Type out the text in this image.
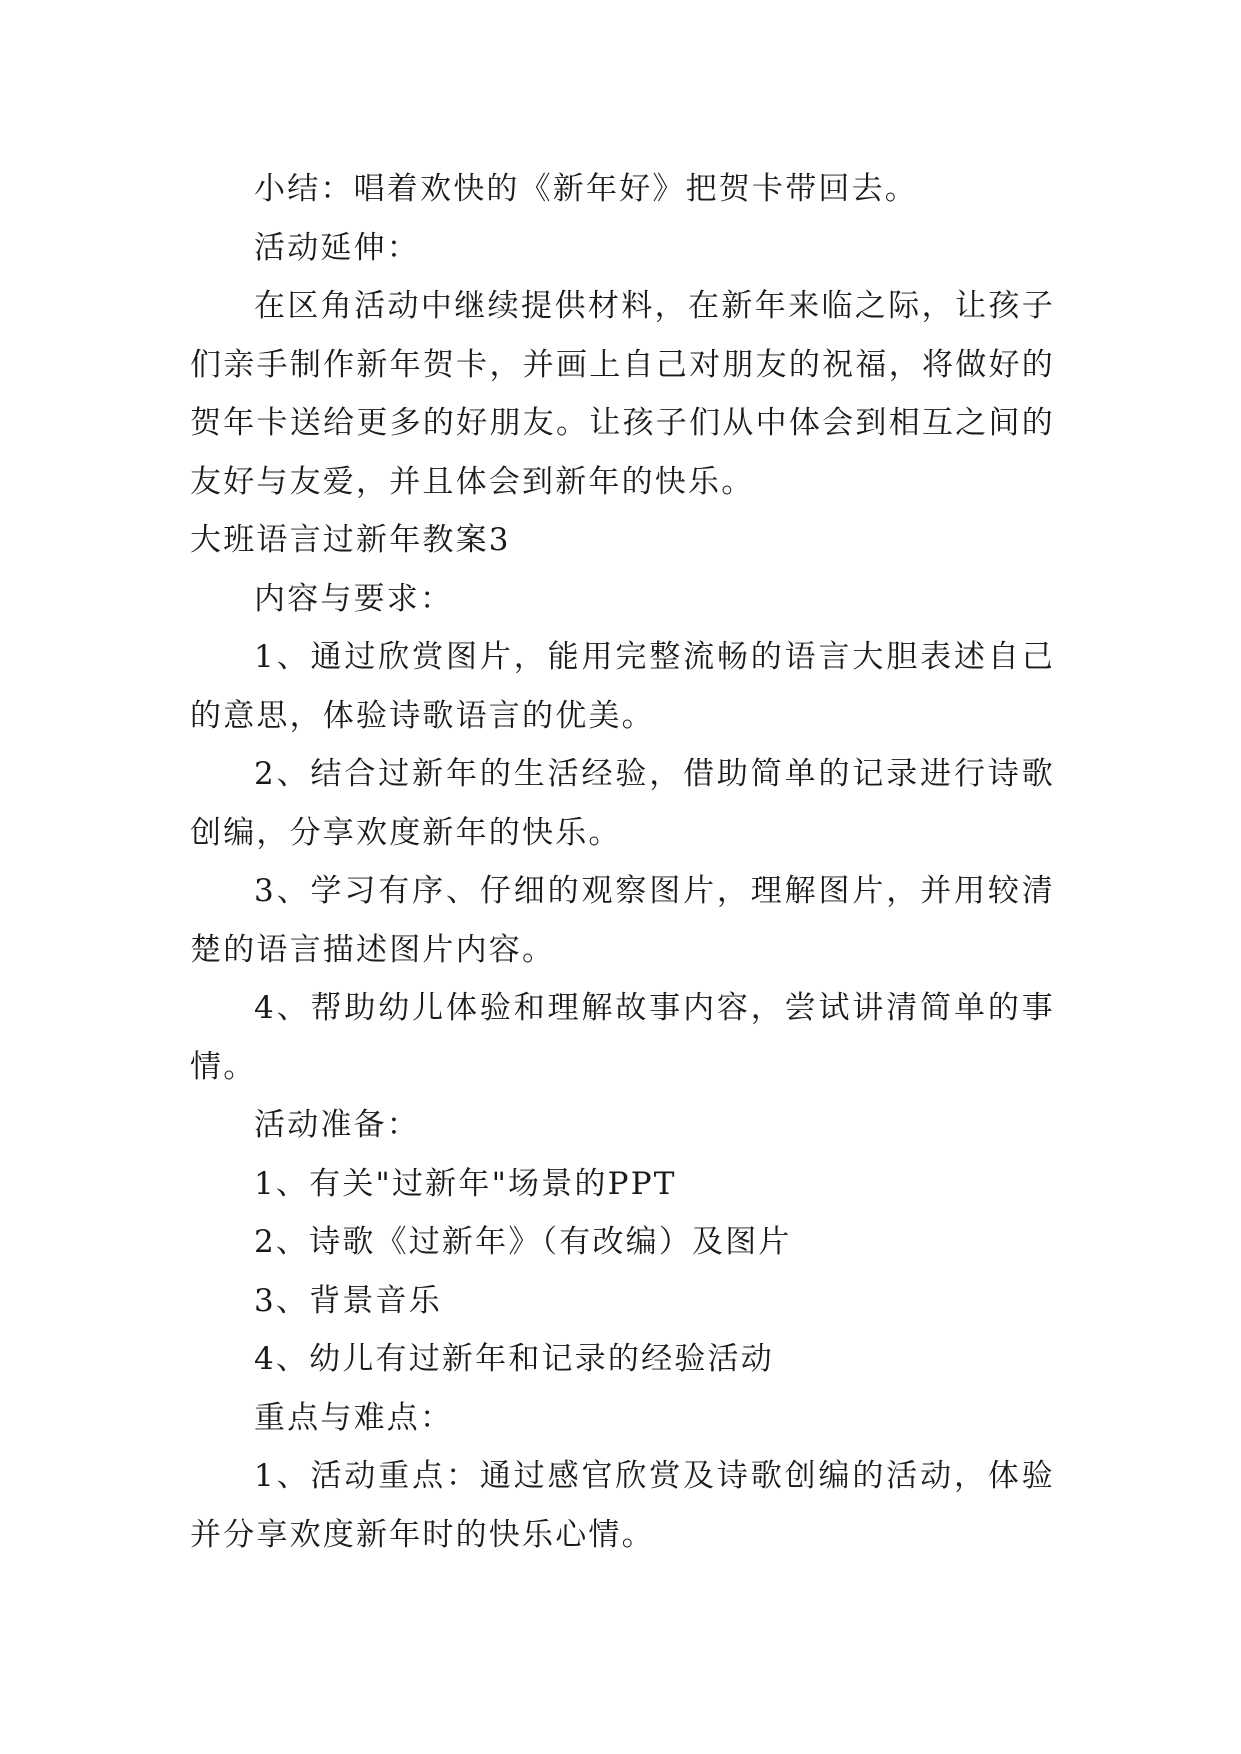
小结：唱着欢快的《新年好》把贺卡带回去。

活动延伸：

在区角活动中继续提供材料，在新年来临之际，让孩子们亲手制作新年贺卡，并画上自己对朋友的祝福，将做好的贺年卡送给更多的好朋友。让孩子们从中体会到相互之间的友好与友爱，并且体会到新年的快乐。

大班语言过新年教案3

内容与要求：

1、通过欣赏图片，能用完整流畅的语言大胆表述自己的意思，体验诗歌语言的优美。

2、结合过新年的生活经验，借助简单的记录进行诗歌创编，分享欢度新年的快乐。

3、学习有序、仔细的观察图片，理解图片，并用较清楚的语言描述图片内容。

4、帮助幼儿体验和理解故事内容，尝试讲清简单的事情。

活动准备：

1、有关"过新年"场景的PPT

2、诗歌《过新年》（有改编）及图片

3、背景音乐

4、幼儿有过新年和记录的经验活动

重点与难点：

1、活动重点：通过感官欣赏及诗歌创编的活动，体验并分享欢度新年时的快乐心情。
